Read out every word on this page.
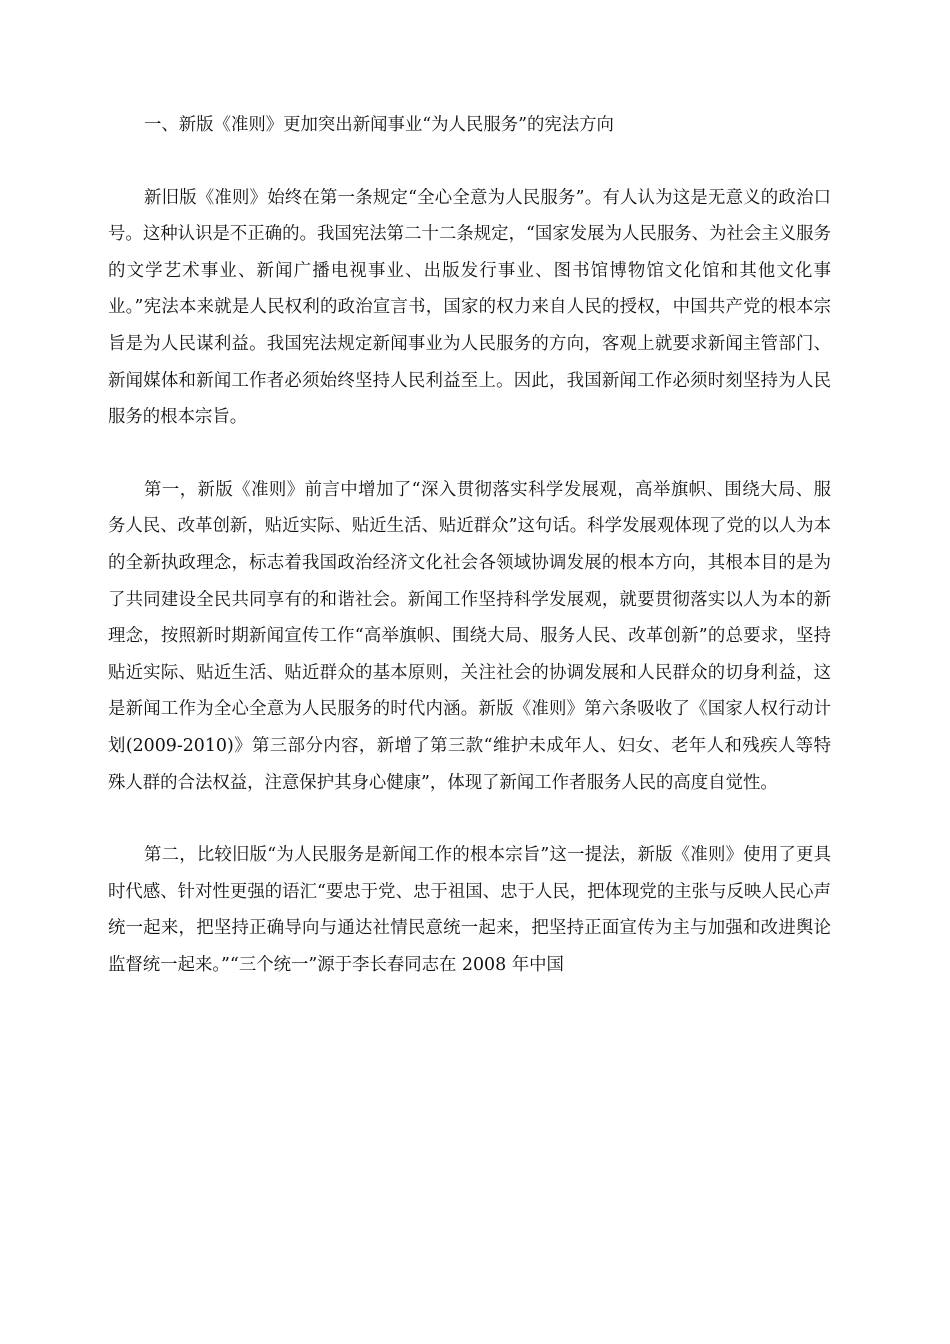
一、新版《准则》更加突出新闻事业“为人民服务”的宪法方向

新旧版《准则》始终在第一条规定“全心全意为人民服务”。有人认为这是无意义的政治口号。这种认识是不正确的。我国宪法第二十二条规定，“国家发展为人民服务、为社会主义服务的文学艺术事业、新闻广播电视事业、出版发行事业、图书馆博物馆文化馆和其他文化事业。”宪法本来就是人民权利的政治宣言书，国家的权力来自人民的授权，中国共产党的根本宗旨是为人民谋利益。我国宪法规定新闻事业为人民服务的方向，客观上就要求新闻主管部门、新闻媒体和新闻工作者必须始终坚持人民利益至上。因此，我国新闻工作必须时刻坚持为人民服务的根本宗旨。

第一，新版《准则》前言中增加了“深入贯彻落实科学发展观，高举旗帜、围绕大局、服务人民、改革创新，贴近实际、贴近生活、贴近群众”这句话。科学发展观体现了党的以人为本的全新执政理念，标志着我国政治经济文化社会各领域协调发展的根本方向，其根本目的是为了共同建设全民共同享有的和谐社会。新闻工作坚持科学发展观，就要贯彻落实以人为本的新理念，按照新时期新闻宣传工作“高举旗帜、围绕大局、服务人民、改革创新”的总要求，坚持贴近实际、贴近生活、贴近群众的基本原则，关注社会的协调发展和人民群众的切身利益，这是新闻工作为全心全意为人民服务的时代内涵。新版《准则》第六条吸收了《国家人权行动计划(2009-2010)》第三部分内容，新增了第三款“维护未成年人、妇女、老年人和残疾人等特殊人群的合法权益，注意保护其身心健康”，体现了新闻工作者服务人民的高度自觉性。

第二，比较旧版“为人民服务是新闻工作的根本宗旨”这一提法，新版《准则》使用了更具时代感、针对性更强的语汇“要忠于党、忠于祖国、忠于人民，把体现党的主张与反映人民心声统一起来，把坚持正确导向与通达社情民意统一起来，把坚持正面宣传为主与加强和改进舆论监督统一起来。”“三个统一”源于李长春同志在 2008 年中国
